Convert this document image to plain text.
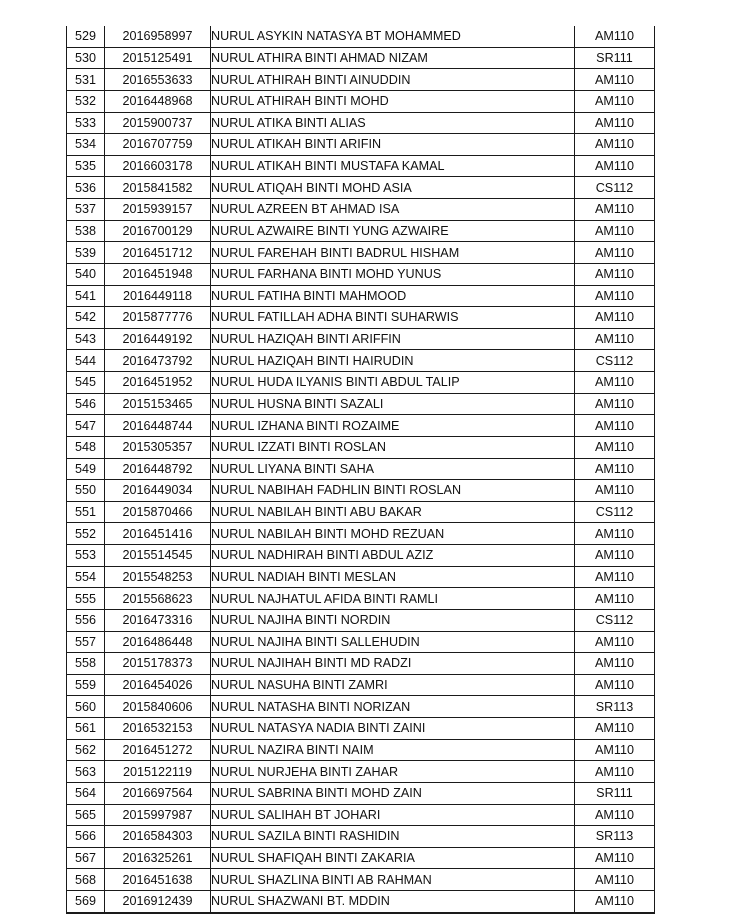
529	2016958997	NURUL ASYKIN NATASYA BT MOHAMMED	AM110
530	2015125491	NURUL ATHIRA BINTI AHMAD NIZAM	SR111
531	2016553633	NURUL ATHIRAH BINTI AINUDDIN	AM110
532	2016448968	NURUL ATHIRAH BINTI MOHD	AM110
533	2015900737	NURUL ATIKA BINTI ALIAS	AM110
534	2016707759	NURUL ATIKAH BINTI ARIFIN	AM110
535	2016603178	NURUL ATIKAH BINTI MUSTAFA KAMAL	AM110
536	2015841582	NURUL ATIQAH BINTI MOHD ASIA	CS112
537	2015939157	NURUL AZREEN BT AHMAD ISA	AM110
538	2016700129	NURUL AZWAIRE BINTI YUNG AZWAIRE	AM110
539	2016451712	NURUL FAREHAH BINTI BADRUL HISHAM	AM110
540	2016451948	NURUL FARHANA BINTI MOHD YUNUS	AM110
541	2016449118	NURUL FATIHA BINTI MAHMOOD	AM110
542	2015877776	NURUL FATILLAH ADHA BINTI SUHARWIS	AM110
543	2016449192	NURUL HAZIQAH BINTI ARIFFIN	AM110
544	2016473792	NURUL HAZIQAH BINTI HAIRUDIN	CS112
545	2016451952	NURUL HUDA ILYANIS BINTI ABDUL TALIP	AM110
546	2015153465	NURUL HUSNA BINTI SAZALI	AM110
547	2016448744	NURUL IZHANA BINTI ROZAIME	AM110
548	2015305357	NURUL IZZATI BINTI ROSLAN	AM110
549	2016448792	NURUL LIYANA BINTI SAHA	AM110
550	2016449034	NURUL NABIHAH FADHLIN BINTI ROSLAN	AM110
551	2015870466	NURUL NABILAH BINTI ABU BAKAR	CS112
552	2016451416	NURUL NABILAH BINTI MOHD REZUAN	AM110
553	2015514545	NURUL NADHIRAH BINTI ABDUL AZIZ	AM110
554	2015548253	NURUL NADIAH BINTI MESLAN	AM110
555	2015568623	NURUL NAJHATUL AFIDA BINTI RAMLI	AM110
556	2016473316	NURUL NAJIHA BINTI NORDIN	CS112
557	2016486448	NURUL NAJIHA BINTI SALLEHUDIN	AM110
558	2015178373	NURUL NAJIHAH BINTI MD RADZI	AM110
559	2016454026	NURUL NASUHA BINTI ZAMRI	AM110
560	2015840606	NURUL NATASHA BINTI NORIZAN	SR113
561	2016532153	NURUL NATASYA NADIA BINTI ZAINI	AM110
562	2016451272	NURUL NAZIRA BINTI NAIM	AM110
563	2015122119	NURUL NURJEHA BINTI ZAHAR	AM110
564	2016697564	NURUL SABRINA BINTI MOHD ZAIN	SR111
565	2015997987	NURUL SALIHAH BT JOHARI	AM110
566	2016584303	NURUL SAZILA BINTI RASHIDIN	SR113
567	2016325261	NURUL SHAFIQAH BINTI ZAKARIA	AM110
568	2016451638	NURUL SHAZLINA BINTI AB RAHMAN	AM110
569	2016912439	NURUL SHAZWANI BT. MDDIN	AM110
